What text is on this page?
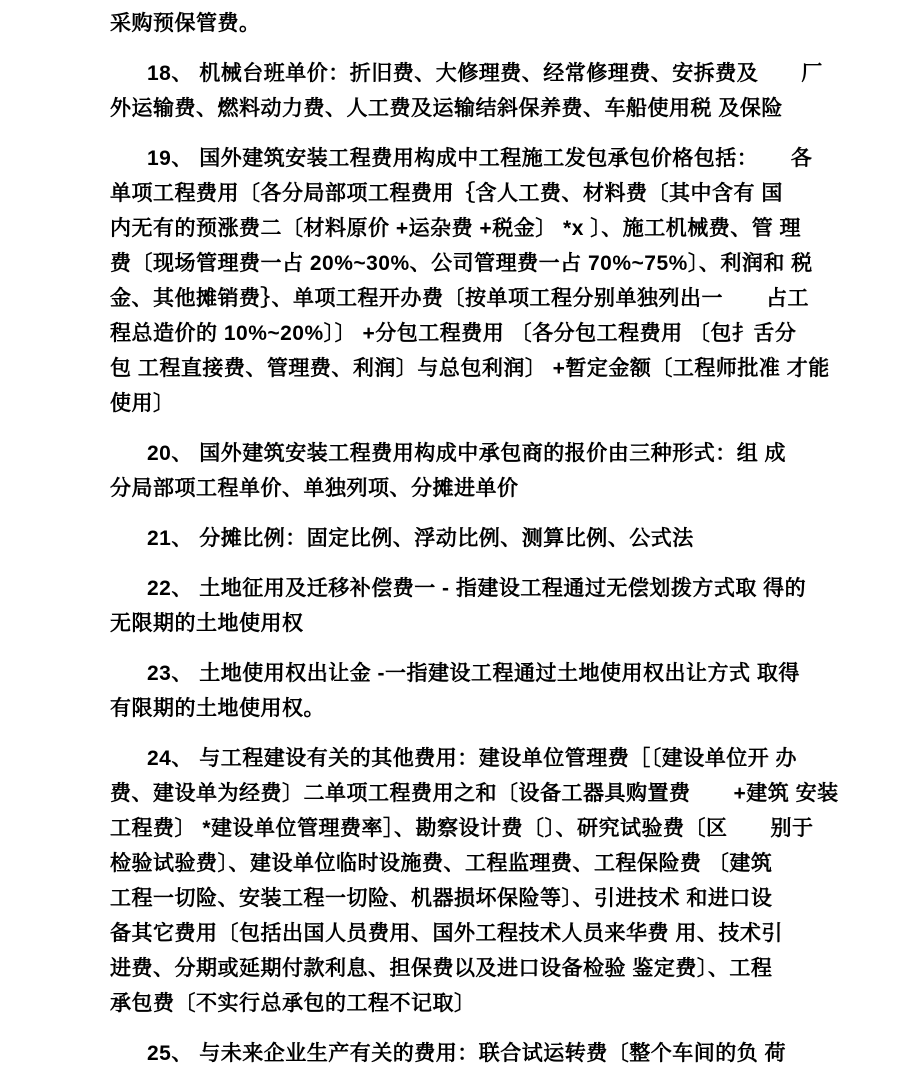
采购预保管费。
18、 机械台班单价：折旧费、大修理费、经常修理费、安拆费及　　厂
外运输费、燃料动力费、人工费及运输结斜保养费、车船使用税 及保险
19、 国外建筑安装工程费用构成中工程施工发包承包价格包括：　　各
单项工程费用〔各分局部项工程费用｛含人工费、材料费〔其中含有 国
内无有的预涨费二〔材料原价 +运杂费 +税金〕 *x 〕、施工机械费、管 理
费〔现场管理费一占 20%~30%、公司管理费一占 70%~75%〕、利润和 税
金、其他摊销费｝、单项工程开办费〔按单项工程分别单独列出一　　占工
程总造价的 10%~20%〕〕 +分包工程费用 〔各分包工程费用 〔包扌舌分
包 工程直接费、管理费、利润〕与总包利润〕 +暂定金额〔工程师批准 才能
使用〕
20、 国外建筑安装工程费用构成中承包商的报价由三种形式：组 成
分局部项工程单价、单独列项、分摊进单价
21、 分摊比例：固定比例、浮动比例、测算比例、公式法
22、 土地征用及迁移补偿费一 - 指建设工程通过无偿划拨方式取 得的
无限期的土地使用权
23、 土地使用权出让金 -一指建设工程通过土地使用权出让方式 取得
有限期的土地使用权。
24、 与工程建设有关的其他费用：建设单位管理费［〔建设单位开 办
费、建设单为经费〕二单项工程费用之和〔设备工器具购置费　　+建筑 安装
工程费〕 *建设单位管理费率］、勘察设计费〔〕、研究试验费〔区　　别于
检验试验费〕、建设单位临时设施费、工程监理费、工程保险费 〔建筑
工程一切险、安装工程一切险、机器损坏保险等〕、引进技术 和进口设
备其它费用〔包括出国人员费用、国外工程技术人员来华费 用、技术引
进费、分期或延期付款利息、担保费以及进口设备检验 鉴定费〕、工程
承包费〔不实行总承包的工程不记取〕
25、 与未来企业生产有关的费用：联合试运转费〔整个车间的负 荷
